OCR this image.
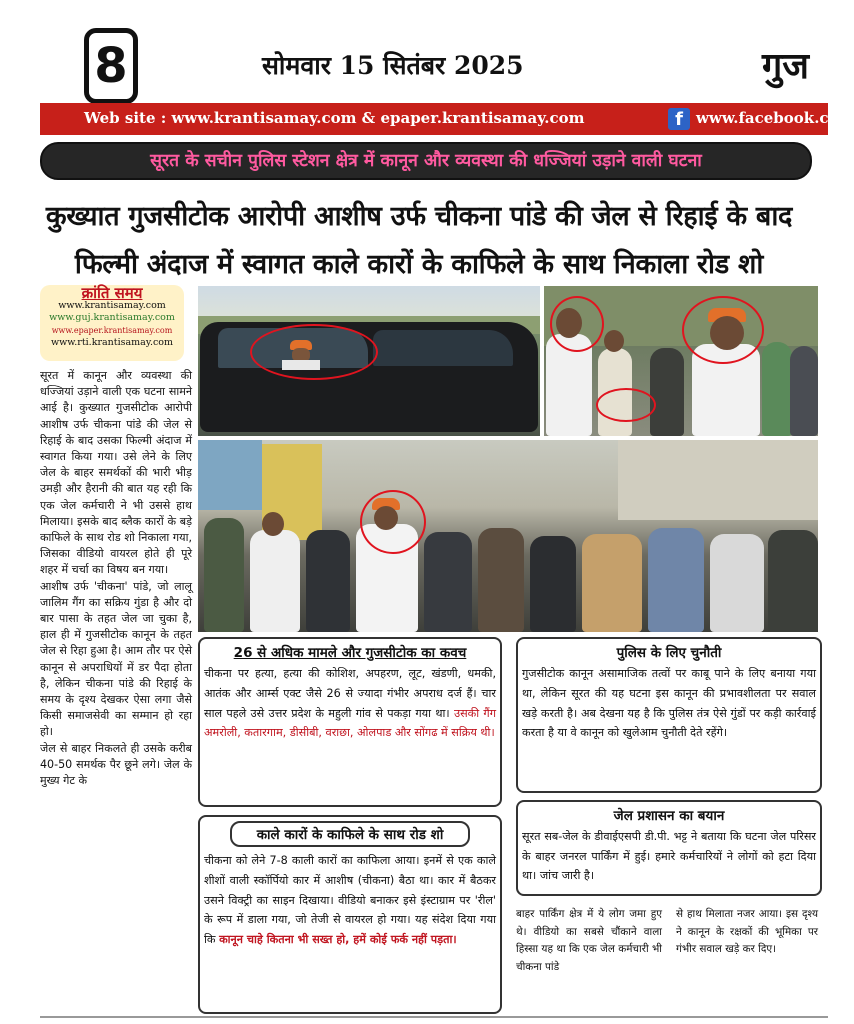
8	सोमवार 15 सितंबर 2025	गुज
Web site : www.krantisamay.com & epaper.krantisamay.com	f www.facebook.com
सूरत के सचीन पुलिस स्टेशन क्षेत्र में कानून और व्यवस्था की धज्जियां उड़ाने वाली घटना
कुख्यात गुजसीटोक आरोपी आशीष उर्फ चीकना पांडे की जेल से रिहाई के बाद
फिल्मी अंदाज में स्वागत काले कारों के काफिले के साथ निकाला रोड शो
क्रांति समय
www.krantisamay.com
www.guj.krantisamay.com
www.epaper.krantisamay.com
www.rti.krantisamay.com

सूरत में कानून और व्यवस्था की धज्जियां उड़ाने वाली एक घटना सामने आई है। कुख्यात गुजसीटोक आरोपी आशीष उर्फ चीकना पांडे की जेल से रिहाई के बाद उसका फिल्मी अंदाज में स्वागत किया गया। उसे लेने के लिए जेल के बाहर समर्थकों की भारी भीड़ उमड़ी और हैरानी की बात यह रही कि एक जेल कर्मचारी ने भी उससे हाथ मिलाया। इसके बाद ब्लैक कारों के बड़े काफिले के साथ रोड शो निकाला गया, जिसका वीडियो वायरल होते ही पूरे शहर में चर्चा का विषय बन गया।

आशीष उर्फ 'चीकना' पांडे, जो लालू जालिम गैंग का सक्रिय गुंडा है और दो बार पासा के तहत जेल जा चुका है, हाल ही में गुजसीटोक कानून के तहत जेल से रिहा हुआ है। आम तौर पर ऐसे कानून से अपराधियों में डर पैदा होता है, लेकिन चीकना पांडे की रिहाई के समय के दृश्य देखकर ऐसा लगा जैसे किसी समाजसेवी का सम्मान हो रहा हो।

जेल से बाहर निकलते ही उसके करीब 40-50 समर्थक पैर छूने लगे। जेल के मुख्य गेट के

26 से अधिक मामले और गुजसीटोक का कवच
चीकना पर हत्या, हत्या की कोशिश, अपहरण, लूट, खंडणी, धमकी, आतंक और आर्म्स एक्ट जैसे 26 से ज्यादा गंभीर अपराध दर्ज हैं। चार साल पहले उसे उत्तर प्रदेश के महुली गांव से पकड़ा गया था। उसकी गैंग अमरोली, कतारगाम, डीसीबी, वराछा, ओलपाड और सोंगढ में सक्रिय थी।
काले कारों के काफिले के साथ रोड शो
चीकना को लेने 7-8 काली कारों का काफिला आया। इनमें से एक काले शीशों वाली स्कॉर्पियो कार में आशीष (चीकना) बैठा था। कार में बैठकर उसने विक्ट्री का साइन दिखाया। वीडियो बनाकर इसे इंस्टाग्राम पर 'रील' के रूप में डाला गया, जो तेजी से वायरल हो गया। यह संदेश दिया गया कि कानून चाहे कितना भी सख्त हो, हमें कोई फर्क नहीं पड़ता।
पुलिस के लिए चुनौती
गुजसीटोक कानून असामाजिक तत्वों पर काबू पाने के लिए बनाया गया था, लेकिन सूरत की यह घटना इस कानून की प्रभावशीलता पर सवाल खड़े करती है। अब देखना यह है कि पुलिस तंत्र ऐसे गुंडों पर कड़ी कार्रवाई करता है या वे कानून को खुलेआम चुनौती देते रहेंगे।
जेल प्रशासन का बयान
सूरत सब-जेल के डीवाईएसपी डी.पी. भट्ट ने बताया कि घटना जेल परिसर के बाहर जनरल पार्किंग में हुई। हमारे कर्मचारियों ने लोगों को हटा दिया था। जांच जारी है।
बाहर पार्किंग क्षेत्र में ये लोग जमा हुए थे। वीडियो का सबसे चौंकाने वाला हिस्सा यह था कि एक जेल कर्मचारी भी चीकना पांडे
से हाथ मिलाता नजर आया। इस दृश्य ने कानून के रक्षकों की भूमिका पर गंभीर सवाल खड़े कर दिए।
